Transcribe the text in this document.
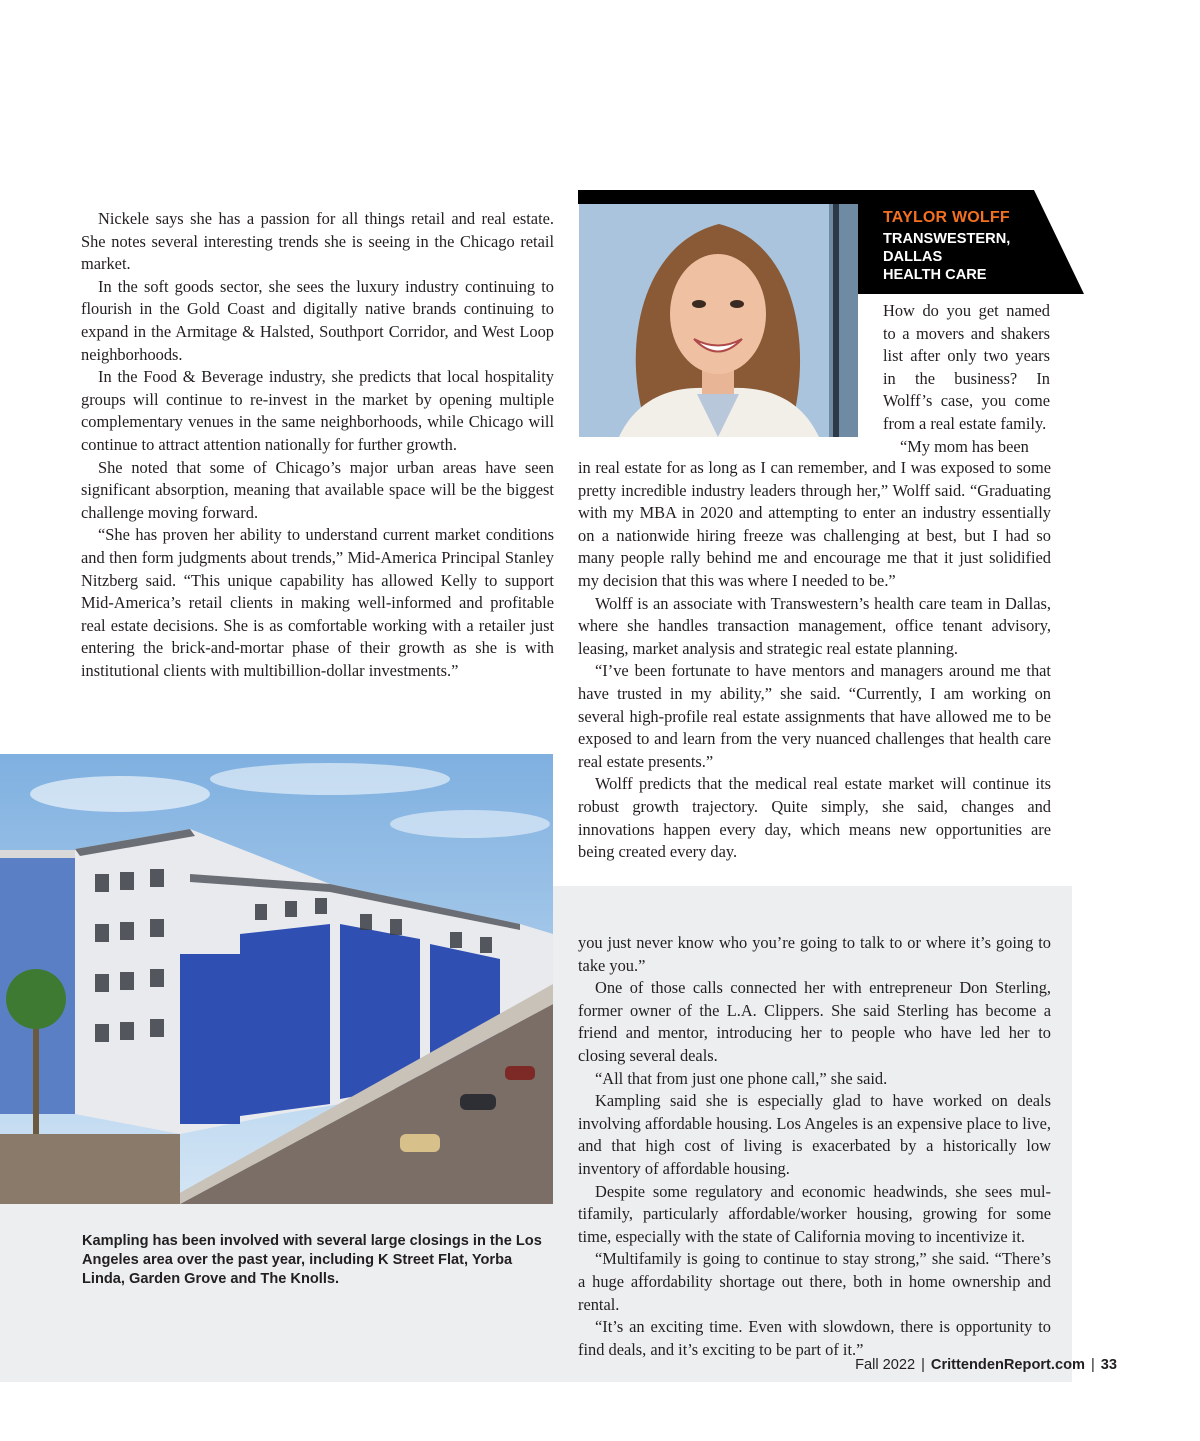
Nickele says she has a passion for all things retail and real estate. She notes several interesting trends she is seeing in the Chicago retail market.

In the soft goods sector, she sees the luxury industry continuing to flourish in the Gold Coast and digitally native brands continuing to expand in the Armitage & Halsted, Southport Corridor, and West Loop neighborhoods.

In the Food & Beverage industry, she predicts that local hospitality groups will continue to re-invest in the market by opening multiple complementary venues in the same neighborhoods, while Chicago will continue to attract attention nationally for further growth.

She noted that some of Chicago’s major urban areas have seen significant absorption, meaning that available space will be the biggest challenge moving forward.

“She has proven her ability to understand current market conditions and then form judgments about trends,” Mid-America Principal Stanley Nitzberg said. “This unique capability has allowed Kelly to support Mid-America’s retail clients in making well-informed and profitable real estate decisions. She is as comfortable working with a retailer just entering the brick-and-mortar phase of their growth as she is with institutional clients with multibillion-dollar investments.”

Kampling has been involved with several large closings in the Los Angeles area over the past year, including K Street Flat, Yorba Linda, Garden Grove and The Knolls.
TAYLOR WOLFF
TRANSWESTERN, DALLAS
HEALTH CARE

How do you get named to a movers and shakers list after only two years in the business? In Wolff’s case, you come from a real estate family.

“My mom has been

in real estate for as long as I can remember, and I was exposed to some pretty incredible industry leaders through her,” Wolff said. “Graduating with my MBA in 2020 and attempting to enter an industry essentially on a nationwide hiring freeze was challenging at best, but I had so many people rally behind me and encourage me that it just solidified my decision that this was where I needed to be.”

Wolff is an associate with Transwestern’s health care team in Dallas, where she handles transaction management, office tenant advisory, leasing, market analysis and strategic real estate planning.

“I’ve been fortunate to have mentors and managers around me that have trusted in my ability,” she said. “Currently, I am working on several high-profile real estate assignments that have allowed me to be exposed to and learn from the very nuanced challenges that health care real estate presents.”

Wolff predicts that the medical real estate market will continue its robust growth trajectory. Quite simply, she said, changes and innovations happen every day, which means new opportunities are being created every day.

you just never know who you’re going to talk to or where it’s going to take you.”

One of those calls connected her with entrepreneur Don Sterling, former owner of the L.A. Clippers. She said Sterling has become a friend and mentor, introducing her to people who have led her to closing several deals.

“All that from just one phone call,” she said.

Kampling said she is especially glad to have worked on deals involving affordable housing. Los Angeles is an expensive place to live, and that high cost of living is exacerbated by a historically low inventory of affordable housing.

Despite some regulatory and economic headwinds, she sees multifamily, particularly affordable/worker housing, growing for some time, especially with the state of California moving to incentivize it.

“Multifamily is going to continue to stay strong,” she said. “There’s a huge affordability shortage out there, both in home ownership and rental.

“It’s an exciting time. Even with slowdown, there is opportunity to find deals, and it’s exciting to be part of it.”

Fall 2022 | CrittendenReport.com | 33
